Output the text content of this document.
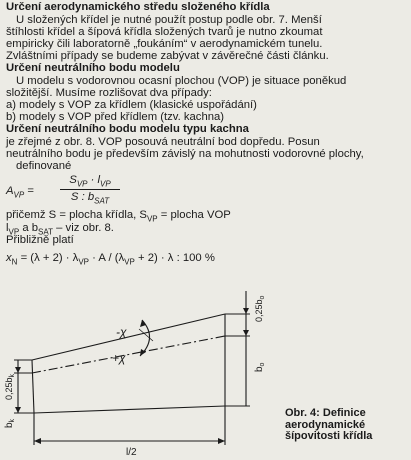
Určení aerodynamického středu složeného křídla
U složených křídel je nutné použít postup podle obr. 7. Menší
štíhlosti křídel a šípová křídla složených tvarů je nutno zkoumat
empiricky čili laboratorně „foukáním“ v aerodynamickém tunelu.
Zvláštními případy se budeme zabývat v závěrečné části článku.
Určení neutrálního bodu modelu
U modelu s vodorovnou ocasní plochou (VOP) je situace poněkud
složitější. Musíme rozlišovat dva případy:
a) modely s VOP za křídlem (klasické uspořádání)
b) modely s VOP před křídlem (tzv. kachna)
Určení neutrálního bodu modelu typu kachna
je zřejmé z obr. 8. VOP posouvá neutrální bod dopředu. Posun
neutrálního bodu je především závislý na mohutnosti vodorovné plochy,
definované
$A_{VP}$ =
$S_{VP} \cdot l_{VP}$
S : $b_{SAT}$
přičemž S = plocha křídla, $S_{VP}$ = plocha VOP
$l_{VP}$ a $b_{SAT}$ – viz obr. 8.
Přibližně platí
$x_N = (\lambda + 2) \cdot \lambda_{VP} \cdot A / (\lambda_{VP} + 2) \cdot \lambda$ : 100 %
-χ
+χ
l/2
$0,25b_o$
$b_o$
$0,25b_k$
$b_k$
Obr. 4: Definice
aerodynamické
šípovitosti křídla
